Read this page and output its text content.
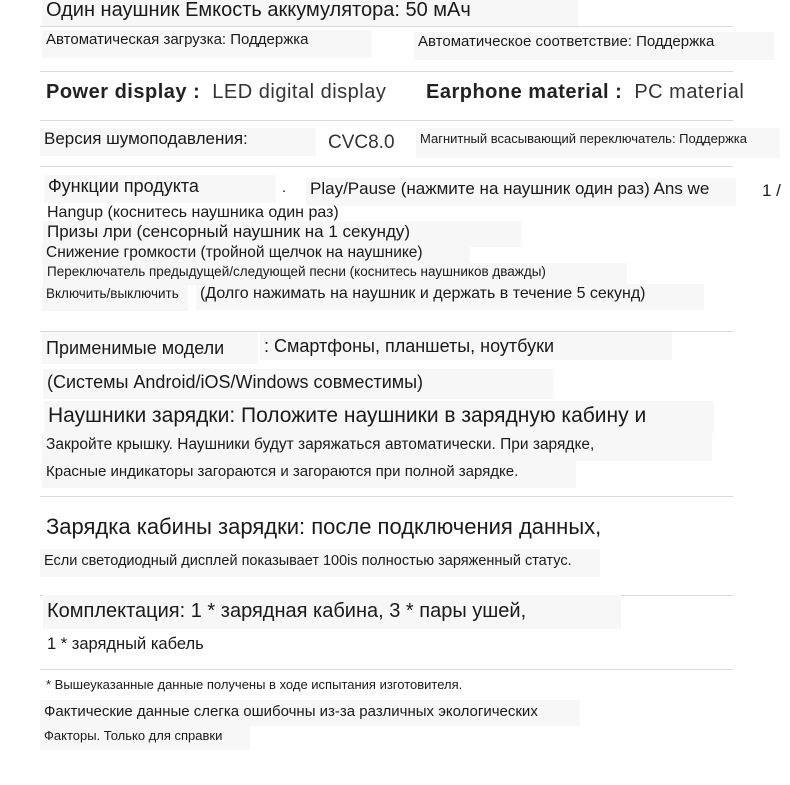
Один наушник Емкость аккумулятора: 50 мАч
Автоматическая загрузка: Поддержка	Автоматическое соответствие: Поддержка
Power display : LED digital display Earphone material : PC material
Версия шумоподавления:	CVC8.0	Магнитный всасывающий переключатель: Поддержка
Функции продукта	. Play/Pause (нажмите на наушник один раз) Ans we	1 /
Hangup (коснитесь наушника один раз)
Призы лри (сенсорный наушник на 1 секунду)
Снижение громкости (тройной щелчок на наушнике)
Переключатель предыдущей/следующей песни (коснитесь наушников дважды)
Включить/выключить	(Долго нажимать на наушник и держать в течение 5 секунд)
Применимые модели	: Смартфоны, планшеты, ноутбуки
(Системы Android/iOS/Windows совместимы)
Наушники зарядки: Положите наушники в зарядную кабину и
Закройте крышку. Наушники будут заряжаться автоматически. При зарядке,
Красные индикаторы загораются и загораются при полной зарядке.
Зарядка кабины зарядки: после подключения данных,
Если светодиодный дисплей показывает 100is полностью заряженный статус.
Комплектация: 1 * зарядная кабина, 3 * пары ушей,
1 * зарядный кабель
* Вышеуказанные данные получены в ходе испытания изготовителя.
Фактические данные слегка ошибочны из-за различных экологических
Факторы. Только для справки
